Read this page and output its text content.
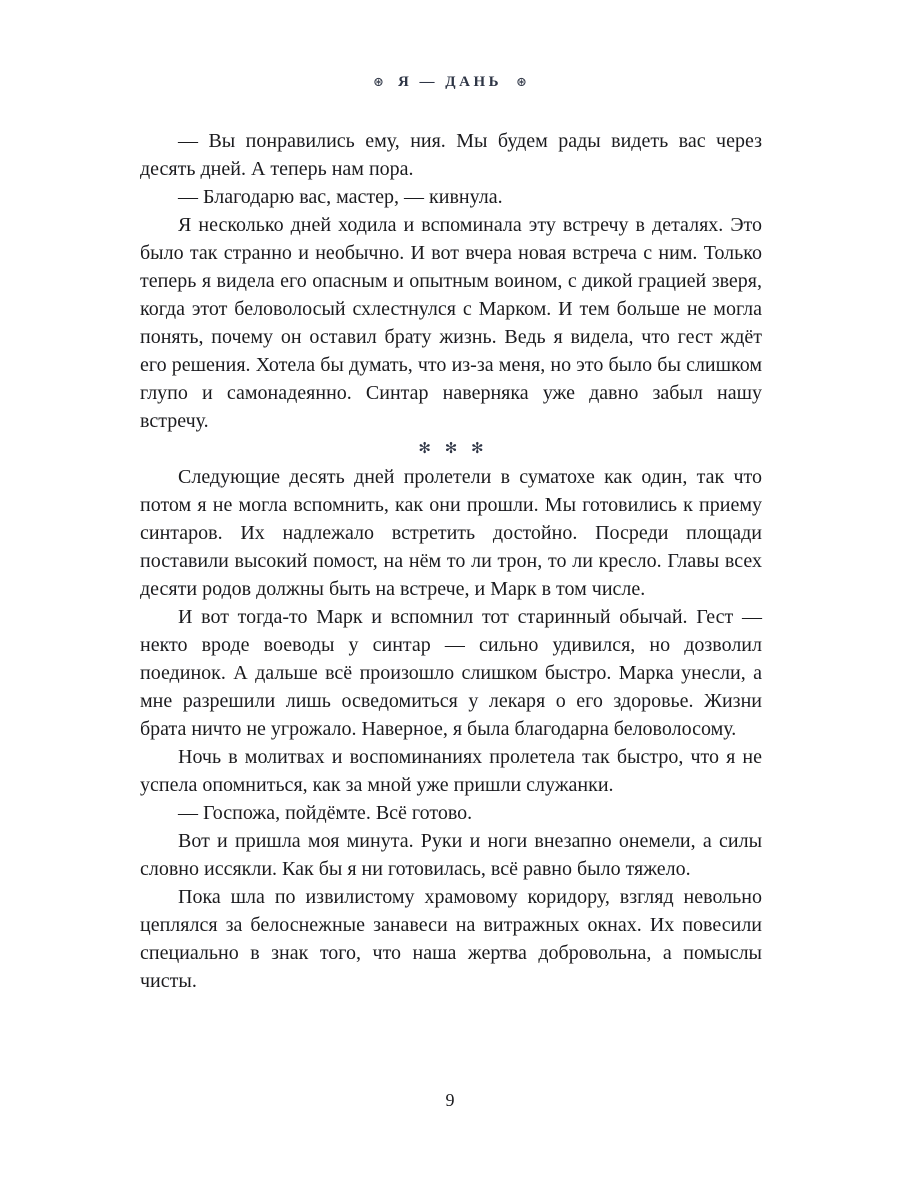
⊛ Я — ДАНЬ ⊛

— Вы понравились ему, ния. Мы будем рады видеть вас через десять дней. А теперь нам пора.

— Благодарю вас, мастер, — кивнула.

Я несколько дней ходила и вспоминала эту встречу в деталях. Это было так странно и необычно. И вот вчера новая встреча с ним. Только теперь я видела его опасным и опытным воином, с дикой грацией зверя, когда этот беловолосый схлестнулся с Марком. И тем больше не могла понять, почему он оставил брату жизнь. Ведь я видела, что гест ждёт его решения. Хотела бы думать, что из-за меня, но это было бы слишком глупо и самонадеянно. Синтар наверняка уже давно забыл нашу встречу.

✻ ✻ ✻

Следующие десять дней пролетели в суматохе как один, так что потом я не могла вспомнить, как они прошли. Мы готовились к приему синтаров. Их надлежало встретить достойно. Посреди площади поставили высокий помост, на нём то ли трон, то ли кресло. Главы всех десяти родов должны быть на встрече, и Марк в том числе.

И вот тогда-то Марк и вспомнил тот старинный обычай. Гест — некто вроде воеводы у синтар — сильно удивился, но дозволил поединок. А дальше всё произошло слишком быстро. Марка унесли, а мне разрешили лишь осведомиться у лекаря о его здоровье. Жизни брата ничто не угрожало. Наверное, я была благодарна беловолосому.

Ночь в молитвах и воспоминаниях пролетела так быстро, что я не успела опомниться, как за мной уже пришли служанки.

— Госпожа, пойдёмте. Всё готово.

Вот и пришла моя минута. Руки и ноги внезапно онемели, а силы словно иссякли. Как бы я ни готовилась, всё равно было тяжело.

Пока шла по извилистому храмовому коридору, взгляд невольно цеплялся за белоснежные занавеси на витражных окнах. Их повесили специально в знак того, что наша жертва добровольна, а помыслы чисты.

9
